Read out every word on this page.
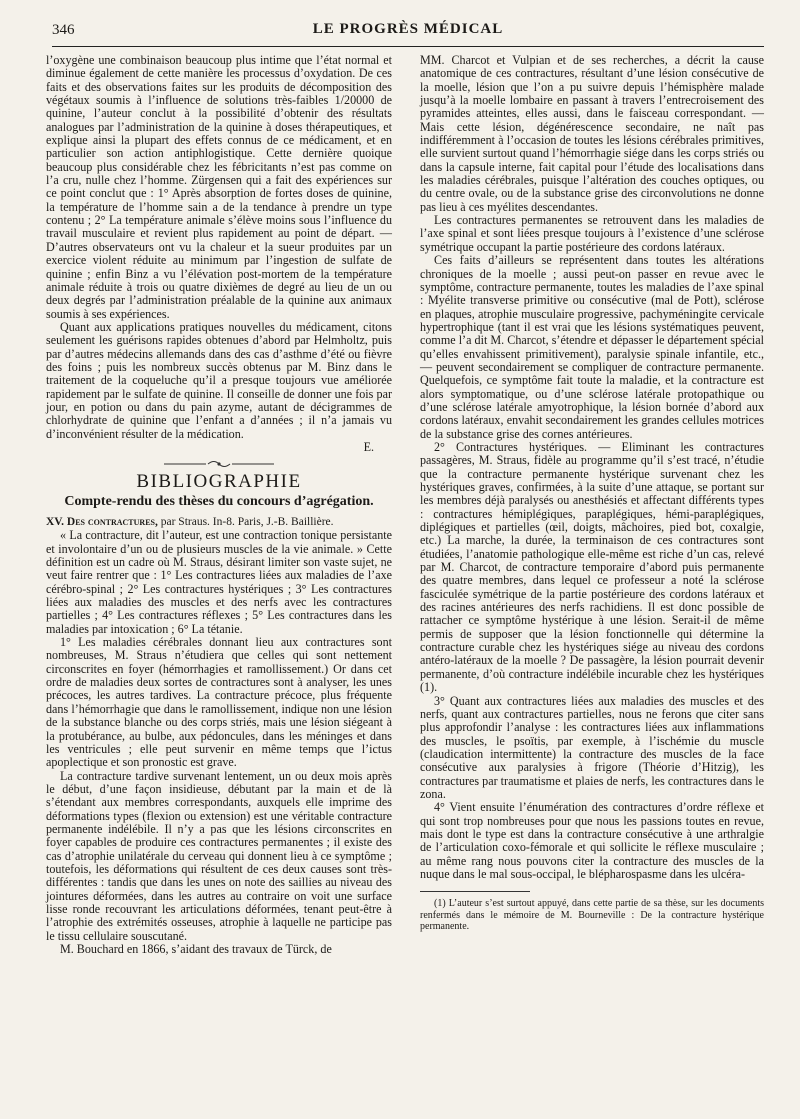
346	LE PROGRÈS MÉDICAL

l’oxygène une combinaison beaucoup plus intime que l’état normal et diminue également de cette manière les processus d’oxydation. De ces faits et des observations faites sur les produits de décomposition des végétaux soumis à l’influence de solutions très-faibles 1/20000 de quinine, l’auteur conclut à la possibilité d’obtenir des résultats analogues par l’administration de la quinine à doses thérapeutiques, et explique ainsi la plupart des effets connus de ce médicament, et en particulier son action antiphlogistique. Cette dernière quoique beaucoup plus considérable chez les fébricitants n’est pas comme on l’a cru, nulle chez l’homme. Zürgensen qui a fait des expériences sur ce point conclut que : 1° Après absorption de fortes doses de quinine, la température de l’homme sain a de la tendance à prendre un type contenu ; 2° La température animale s’élève moins sous l’influence du travail musculaire et revient plus rapidement au point de départ. — D’autres observateurs ont vu la chaleur et la sueur produites par un exercice violent réduite au minimum par l’ingestion de sulfate de quinine ; enfin Binz a vu l’élévation post-mortem de la température animale réduite à trois ou quatre dixièmes de degré au lieu de un ou deux degrés par l’administration préalable de la quinine aux animaux soumis à ses expériences.

Quant aux applications pratiques nouvelles du médicament, citons seulement les guérisons rapides obtenues d’abord par Helmholtz, puis par d’autres médecins allemands dans des cas d’asthme d’été ou fièvre des foins ; puis les nombreux succès obtenus par M. Binz dans le traitement de la coqueluche qu’il a presque toujours vue améliorée rapidement par le sulfate de quinine. Il conseille de donner une fois par jour, en potion ou dans du pain azyme, autant de décigrammes de chlorhydrate de quinine que l’enfant a d’années ; il n’a jamais vu d’inconvénient résulter de la médication.

E.

BIBLIOGRAPHIE
Compte-rendu des thèses du concours d’agrégation.

XV. Des contractures, par Straus. In-8. Paris, J.-B. Baillière.

« La contracture, dit l’auteur, est une contraction tonique persistante et involontaire d’un ou de plusieurs muscles de la vie animale. » Cette définition est un cadre où M. Straus, désirant limiter son vaste sujet, ne veut faire rentrer que : 1° Les contractures liées aux maladies de l’axe cérébro-spinal ; 2° Les contractures hystériques ; 3° Les contractures liées aux maladies des muscles et des nerfs avec les contractures partielles ; 4° Les contractures réflexes ; 5° Les contractures dans les maladies par intoxication ; 6° La tétanie.

1° Les maladies cérébrales donnant lieu aux contractures sont nombreuses, M. Straus n’étudiera que celles qui sont nettement circonscrites en foyer (hémorrhagies et ramollissement.) Or dans cet ordre de maladies deux sortes de contractures sont à analyser, les unes précoces, les autres tardives. La contracture précoce, plus fréquente dans l’hémorrhagie que dans le ramollissement, indique non une lésion de la substance blanche ou des corps striés, mais une lésion siégeant à la protubérance, au bulbe, aux pédoncules, dans les méninges et dans les ventricules ; elle peut survenir en même temps que l’ictus apoplectique et son pronostic est grave.

La contracture tardive survenant lentement, un ou deux mois après le début, d’une façon insidieuse, débutant par la main et de là s’étendant aux membres correspondants, auxquels elle imprime des déformations types (flexion ou extension) est une véritable contracture permanente indélébile. Il n’y a pas que les lésions circonscrites en foyer capables de produire ces contractures permanentes ; il existe des cas d’atrophie unilatérale du cerveau qui donnent lieu à ce symptôme ; toutefois, les déformations qui résultent de ces deux causes sont très-différentes : tandis que dans les unes on note des saillies au niveau des jointures déformées, dans les autres au contraire on voit une surface lisse ronde recouvrant les articulations déformées, tenant peut-être à l’atrophie des extrémités osseuses, atrophie à laquelle ne participe pas le tissu cellulaire souscutané.

M. Bouchard en 1866, s’aidant des travaux de Türck, de

MM. Charcot et Vulpian et de ses recherches, a décrit la cause anatomique de ces contractures, résultant d’une lésion consécutive de la moelle, lésion que l’on a pu suivre depuis l’hémisphère malade jusqu’à la moelle lombaire en passant à travers l’entrecroisement des pyramides atteintes, elles aussi, dans le faisceau correspondant. — Mais cette lésion, dégénérescence secondaire, ne naît pas indifféremment à l’occasion de toutes les lésions cérébrales primitives, elle survient surtout quand l’hémorrhagie siége dans les corps striés ou dans la capsule interne, fait capital pour l’étude des localisations dans les maladies cérébrales, puisque l’altération des couches optiques, ou du centre ovale, ou de la substance grise des circonvolutions ne donne pas lieu à ces myélites descendantes.

Les contractures permanentes se retrouvent dans les maladies de l’axe spinal et sont liées presque toujours à l’existence d’une sclérose symétrique occupant la partie postérieure des cordons latéraux.

Ces faits d’ailleurs se représentent dans toutes les altérations chroniques de la moelle ; aussi peut-on passer en revue avec le symptôme, contracture permanente, toutes les maladies de l’axe spinal : Myélite transverse primitive ou consécutive (mal de Pott), sclérose en plaques, atrophie musculaire progressive, pachyméningite cervicale hypertrophique (tant il est vrai que les lésions systématiques peuvent, comme l’a dit M. Charcot, s’étendre et dépasser le département spécial qu’elles envahissent primitivement), paralysie spinale infantile, etc., — peuvent secondairement se compliquer de contracture permanente. Quelquefois, ce symptôme fait toute la maladie, et la contracture est alors symptomatique, ou d’une sclérose latérale protopathique ou d’une sclérose latérale amyotrophique, la lésion bornée d’abord aux cordons latéraux, envahit secondairement les grandes cellules motrices de la substance grise des cornes antérieures.

2° Contractures hystériques. — Eliminant les contractures passagères, M. Straus, fidèle au programme qu’il s’est tracé, n’étudie que la contracture permanente hystérique survenant chez les hystériques graves, confirmées, à la suite d’une attaque, se portant sur les membres déjà paralysés ou anesthésiés et affectant différents types : contractures hémiplégiques, paraplégiques, hémi-paraplégiques, diplégiques et partielles (œil, doigts, mâchoires, pied bot, coxalgie, etc.) La marche, la durée, la terminaison de ces contractures sont étudiées, l’anatomie pathologique elle-même est riche d’un cas, relevé par M. Charcot, de contracture temporaire d’abord puis permanente des quatre membres, dans lequel ce professeur a noté la sclérose fasciculée symétrique de la partie postérieure des cordons latéraux et des racines antérieures des nerfs rachidiens. Il est donc possible de rattacher ce symptôme hystérique à une lésion. Serait-il de même permis de supposer que la lésion fonctionnelle qui détermine la contracture curable chez les hystériques siége au niveau des cordons antéro-latéraux de la moelle ? De passagère, la lésion pourrait devenir permanente, d’où contracture indélébile incurable chez les hystériques (1).

3° Quant aux contractures liées aux maladies des muscles et des nerfs, quant aux contractures partielles, nous ne ferons que citer sans plus approfondir l’analyse : les contractures liées aux inflammations des muscles, le psoïtis, par exemple, à l’ischémie du muscle (claudication intermittente) la contracture des muscles de la face consécutive aux paralysies à frigore (Théorie d’Hitzig), les contractures par traumatisme et plaies de nerfs, les contractures dans le zona.

4° Vient ensuite l’énumération des contractures d’ordre réflexe et qui sont trop nombreuses pour que nous les passions toutes en revue, mais dont le type est dans la contracture consécutive à une arthralgie de l’articulation coxo-fémorale et qui sollicite le réflexe musculaire ; au même rang nous pouvons citer la contracture des muscles de la nuque dans le mal sous-occipal, le blépharospasme dans les ulcéra-

(1) L’auteur s’est surtout appuyé, dans cette partie de sa thèse, sur les documents renfermés dans le mémoire de M. Bourneville : De la contracture hystérique permanente.
